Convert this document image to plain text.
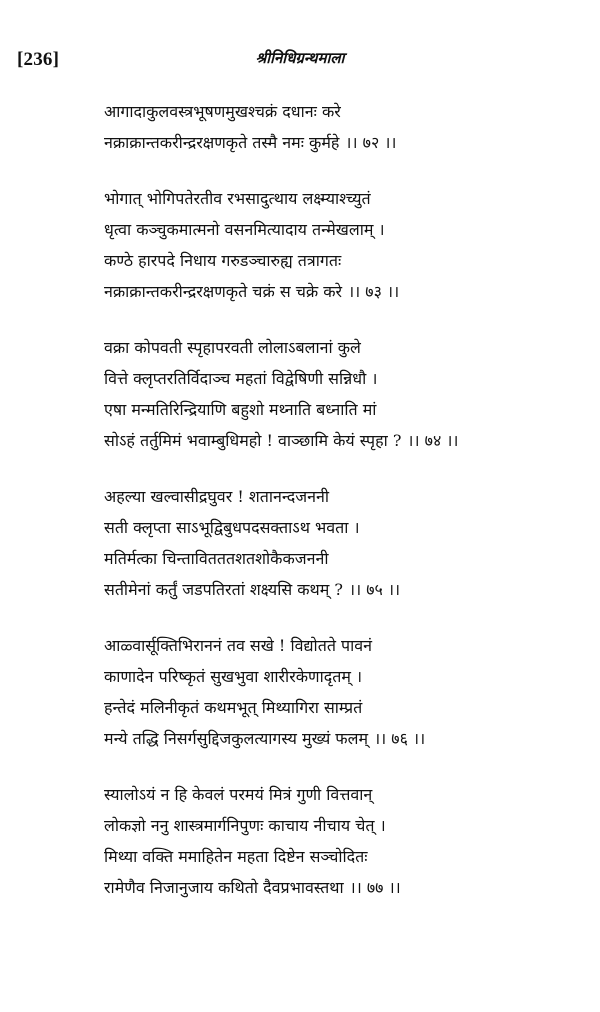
[236]	श्रीनिधिग्रन्थमाला
आगादाकुलवस्त्रभूषणमुखश्चक्रं दधानः करे
नक्राक्रान्तकरीन्द्ररक्षणकृते तस्मै नमः कुर्महे ।। ७२ ।।
भोगात् भोगिपतेरतीव रभसादुत्थाय लक्ष्म्याश्च्युतं
धृत्वा कञ्चुकमात्मनो वसनमित्यादाय तन्मेखलाम् ।
कण्ठे हारपदे निधाय गरुडञ्चारुह्य तत्रागतः
नक्राक्रान्तकरीन्द्ररक्षणकृते चक्रं स चक्रे करे ।। ७३ ।।
वक्रा कोपवती स्पृहापरवती लोलाऽबलानां कुले
वित्ते क्लृप्तरतिर्विदाञ्च महतां विद्वेषिणी सन्निधौ ।
एषा मन्मतिरिन्द्रियाणि बहुशो मथ्नाति बध्नाति मां
सोऽहं तर्तुमिमं भवाम्बुधिमहो ! वाञ्छामि केयं स्पृहा ? ।। ७४ ।।
अहल्या खल्वासीद्रघुवर ! शतानन्दजननी
सती क्लृप्ता साऽभूद्विबुधपदसक्ताऽथ भवता ।
मतिर्मत्का चिन्तावितततशतशोकैकजननी
सतीमेनां कर्तुं जडपतिरतां शक्ष्यसि कथम् ? ।। ७५ ।।
आळ्वार्सूक्तिभिराननं तव सखे ! विद्योतते पावनं
काणादेन परिष्कृतं सुखभुवा शारीरकेणादृतम् ।
हन्तेदं मलिनीकृतं कथमभूत् मिथ्यागिरा साम्प्रतं
मन्ये तद्धि निसर्गसुद्दिजकुलत्यागस्य मुख्यं फलम् ।। ७६ ।।
स्यालोऽयं न हि केवलं परमयं मित्रं गुणी वित्तवान्
लोकज्ञो ननु शास्त्रमार्गनिपुणः काचाय नीचाय चेत् ।
मिथ्या वक्ति ममाहितेन महता दिष्टेन सञ्चोदितः
रामेणैव निजानुजाय कथितो दैवप्रभावस्तथा ।। ७७ ।।
